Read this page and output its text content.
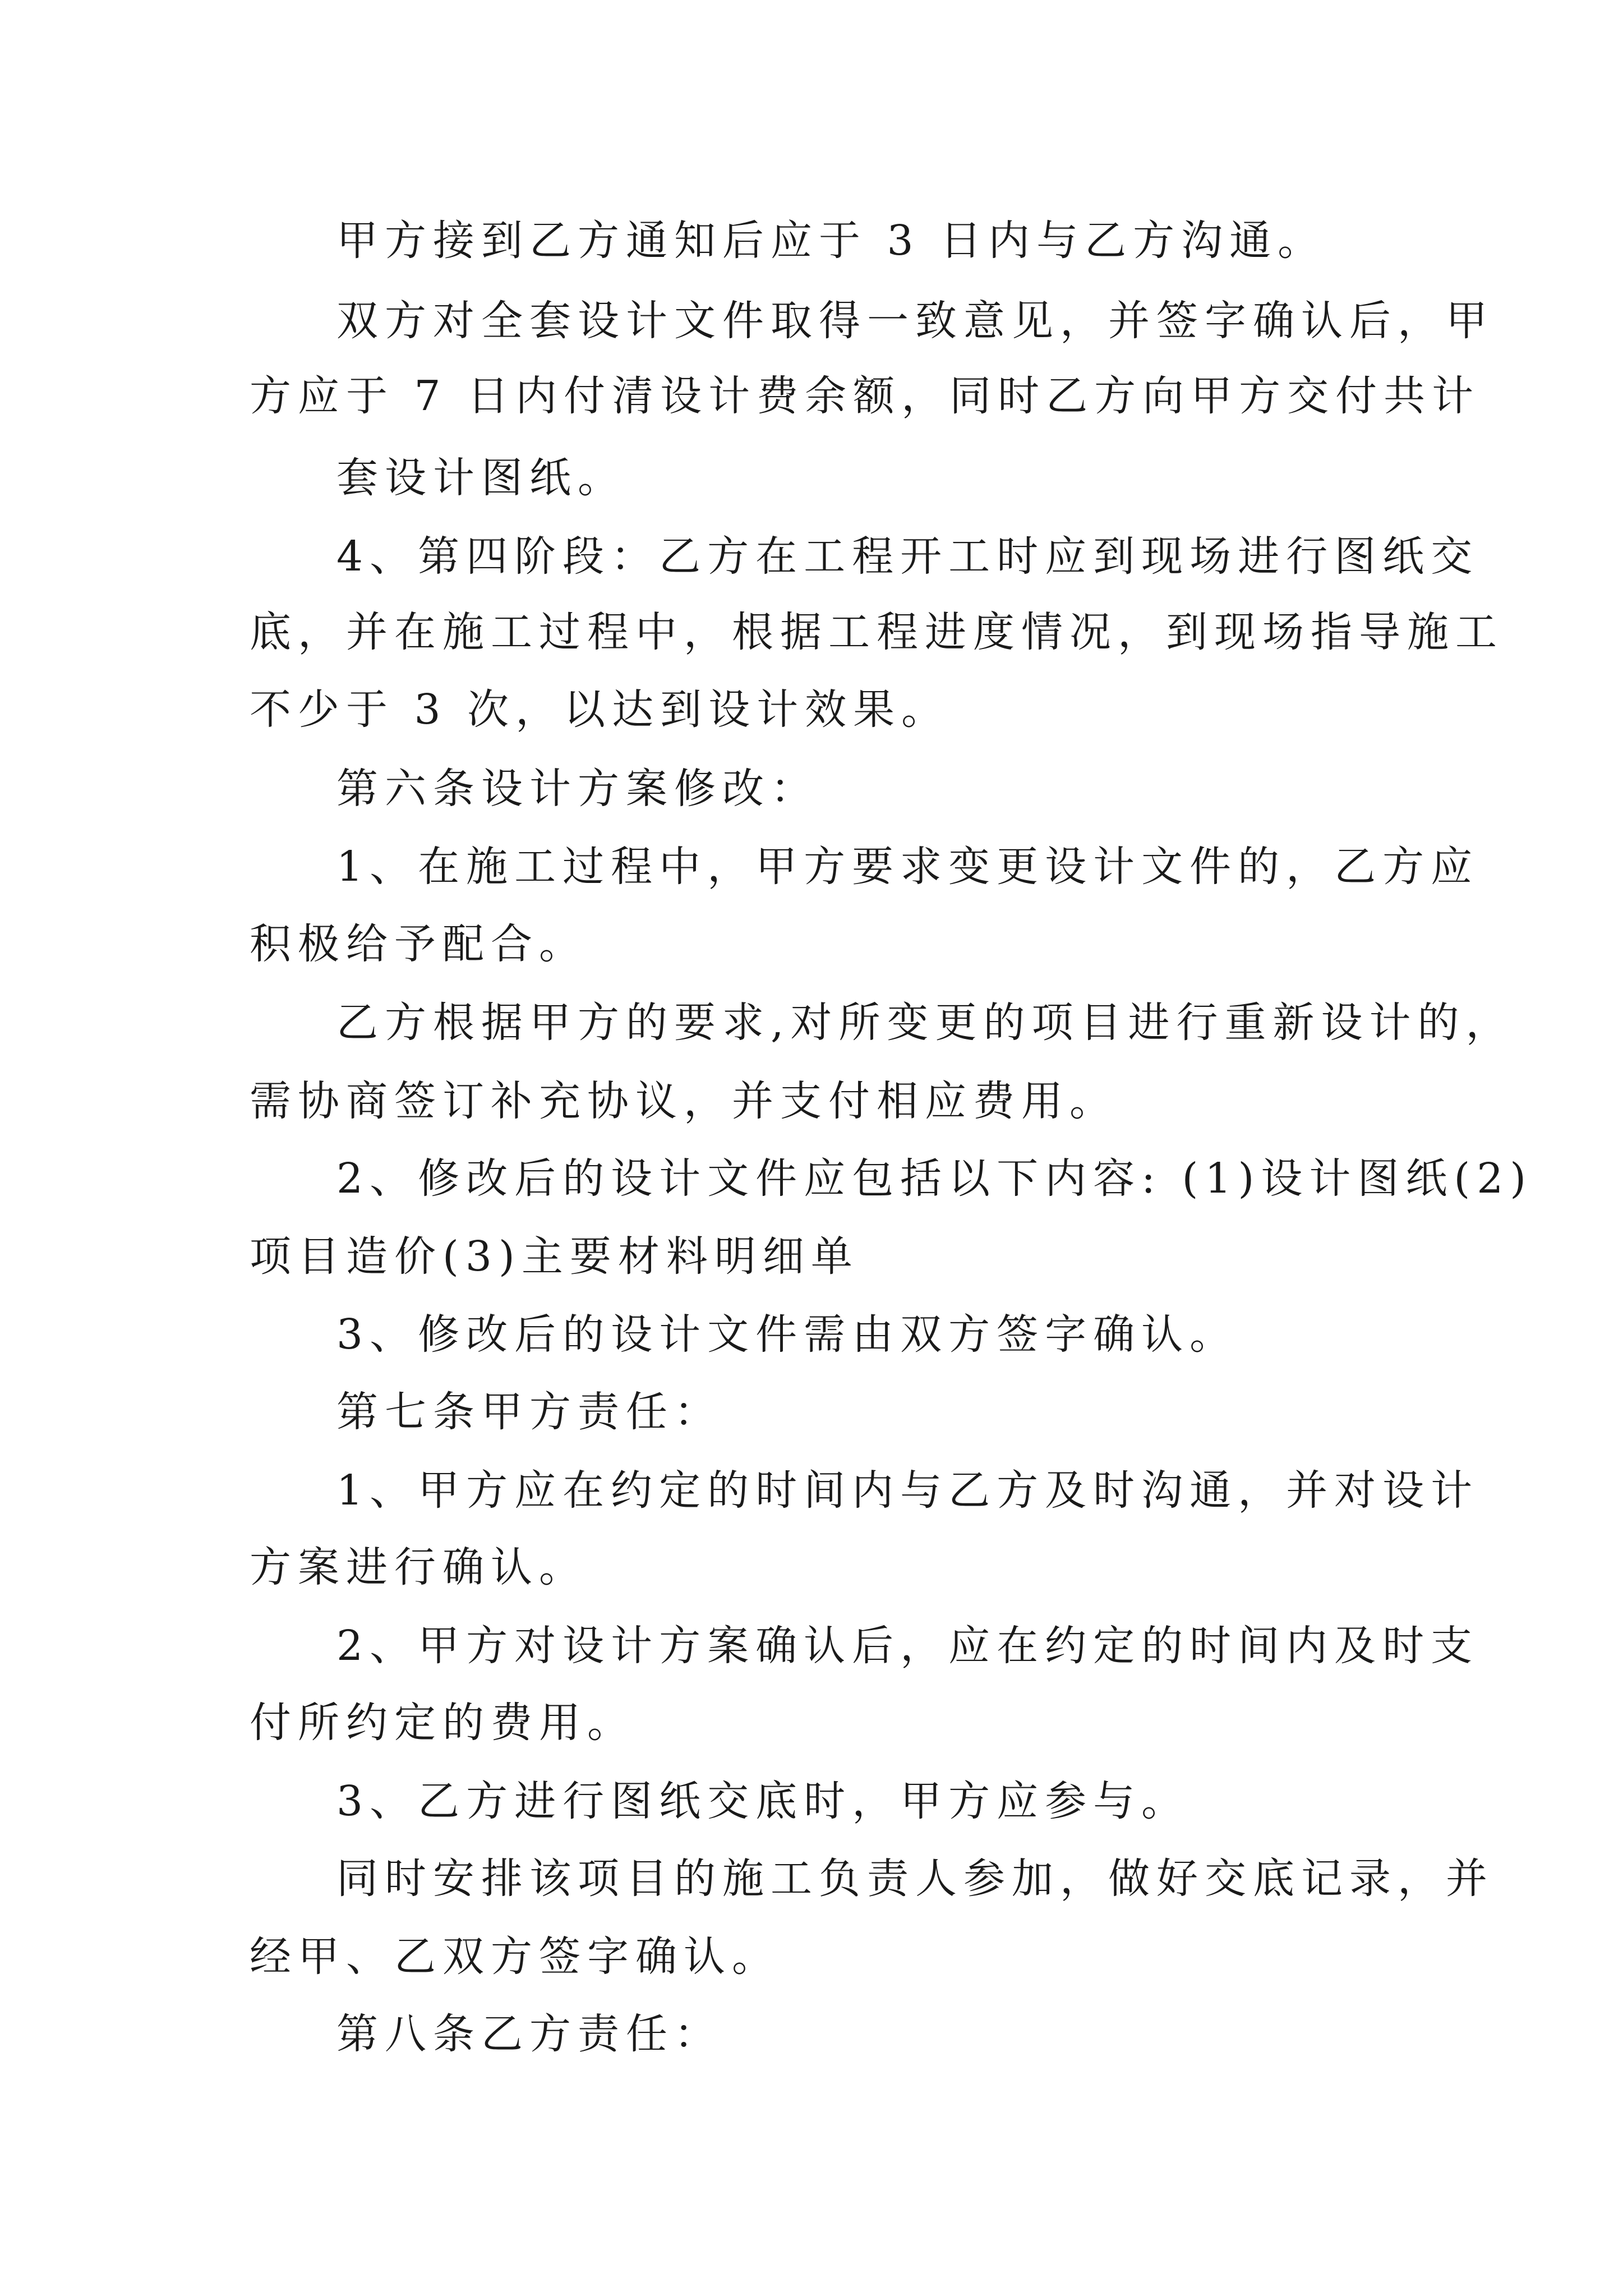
甲方接到乙方通知后应于 3 日内与乙方沟通。
双方对全套设计文件取得一致意见，并签字确认后，甲
方应于 7 日内付清设计费余额，同时乙方向甲方交付共计
套设计图纸。
4、第四阶段：乙方在工程开工时应到现场进行图纸交
底，并在施工过程中，根据工程进度情况，到现场指导施工
不少于 3 次，以达到设计效果。
第六条设计方案修改：
1、在施工过程中，甲方要求变更设计文件的，乙方应
积极给予配合。
乙方根据甲方的要求,对所变更的项目进行重新设计的，
需协商签订补充协议，并支付相应费用。
2、修改后的设计文件应包括以下内容: (1)设计图纸(2)
项目造价(3)主要材料明细单
3、修改后的设计文件需由双方签字确认。
第七条甲方责任：
1、甲方应在约定的时间内与乙方及时沟通，并对设计
方案进行确认。
2、甲方对设计方案确认后，应在约定的时间内及时支
付所约定的费用。
3、乙方进行图纸交底时，甲方应参与。
同时安排该项目的施工负责人参加，做好交底记录，并
经甲、乙双方签字确认。
第八条乙方责任：
